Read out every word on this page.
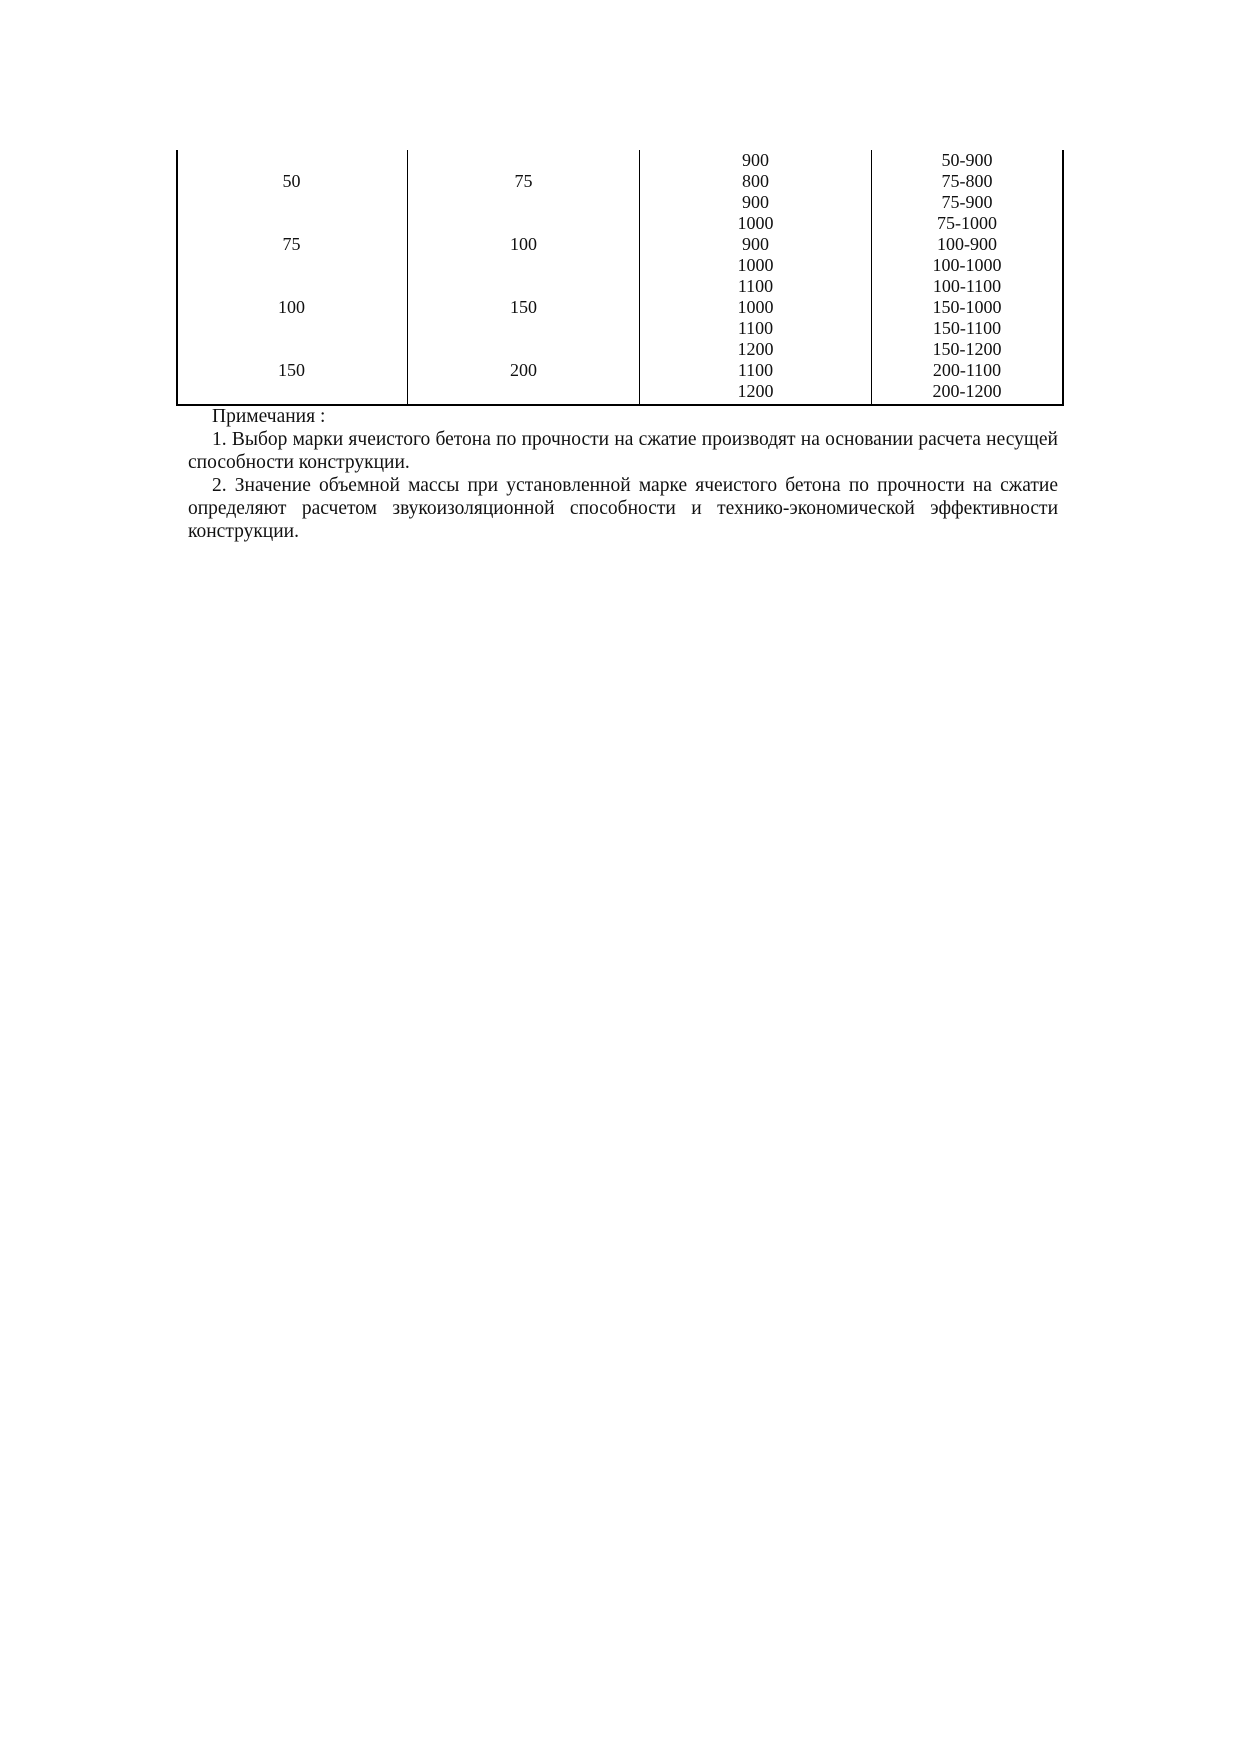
50
75
100
150
75
100
150
200
900
800
900
1000
900
1000
1100
1000
1100
1200
1100
1200
50-900
75-800
75-900
75-1000
100-900
100-1000
100-1100
150-1000
150-1100
150-1200
200-1100
200-1200

Примечания :

1. Выбор марки ячеистого бетона по прочности на сжатие производят на основании расчета несущей способности конструкции.

2. Значение объемной массы при установленной марке ячеистого бетона по прочности на сжатие определяют расчетом звукоизоляционной способности и технико-экономической эффективности конструкции.
